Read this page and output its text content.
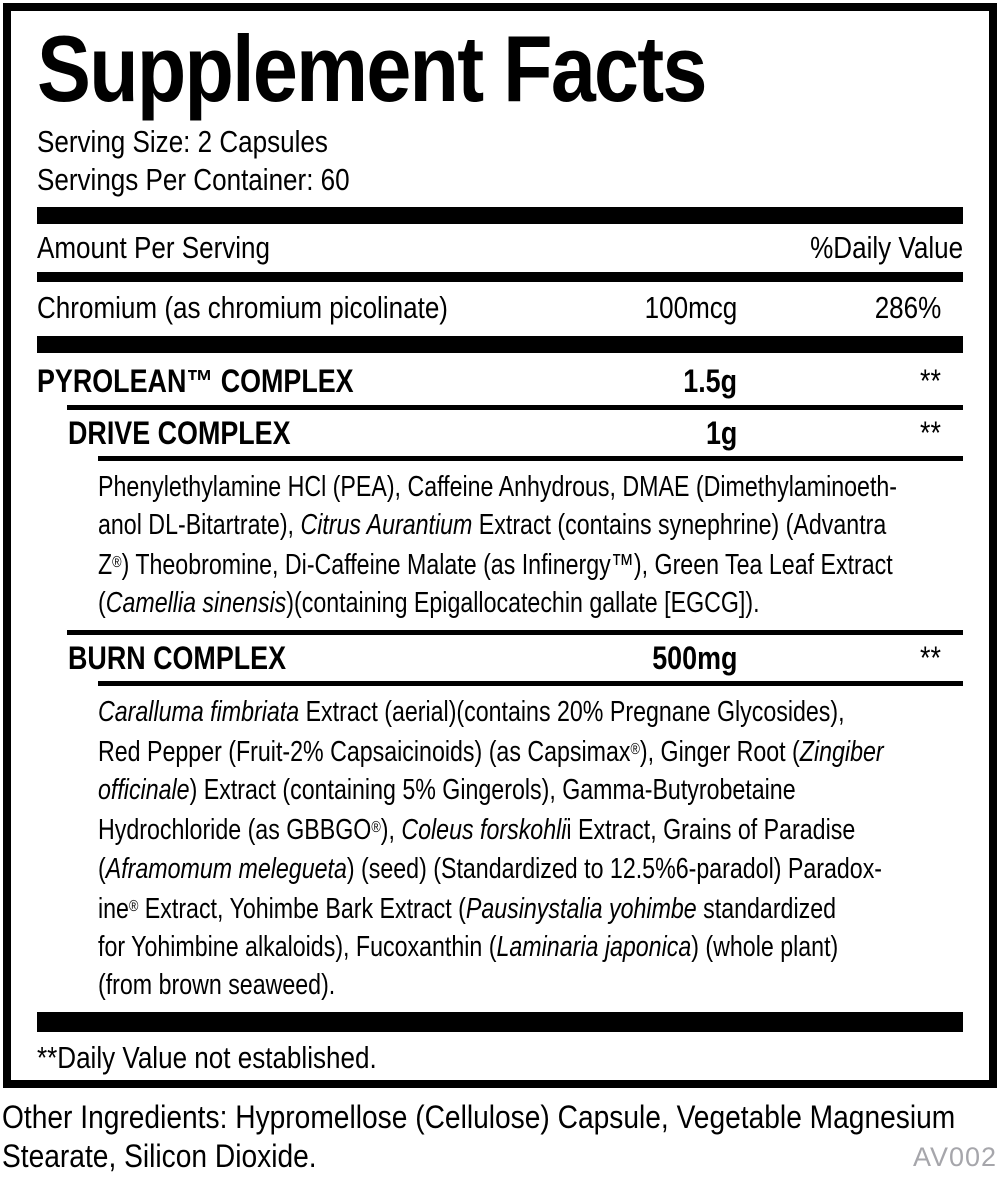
Supplement Facts
Serving Size: 2 Capsules
Servings Per Container: 60
Amount Per Serving	%Daily Value
Chromium (as chromium picolinate)	100mcg	286%
PYROLEAN™ COMPLEX	1.5g	**
DRIVE COMPLEX	1g	**
Phenylethylamine HCl (PEA), Caffeine Anhydrous, DMAE (Dimethylaminoeth-
anol DL-Bitartrate), Citrus Aurantium Extract (contains synephrine) (Advantra
Z®) Theobromine, Di-Caffeine Malate (as Infinergy™), Green Tea Leaf Extract
(Camellia sinensis)(containing Epigallocatechin gallate [EGCG]).
BURN COMPLEX	500mg	**
Caralluma fimbriata Extract (aerial)(contains 20% Pregnane Glycosides),
Red Pepper (Fruit-2% Capsaicinoids) (as Capsimax®), Ginger Root (Zingiber
officinale) Extract (containing 5% Gingerols), Gamma-Butyrobetaine
Hydrochloride (as GBBGO®), Coleus forskohlii Extract, Grains of Paradise
(Aframomum melegueta) (seed) (Standardized to 12.5%6-paradol) Paradox-
ine® Extract, Yohimbe Bark Extract (Pausinystalia yohimbe standardized
for Yohimbine alkaloids), Fucoxanthin (Laminaria japonica) (whole plant)
(from brown seaweed).
**Daily Value not established.
Other Ingredients: Hypromellose (Cellulose) Capsule, Vegetable Magnesium
Stearate, Silicon Dioxide.	AV002
